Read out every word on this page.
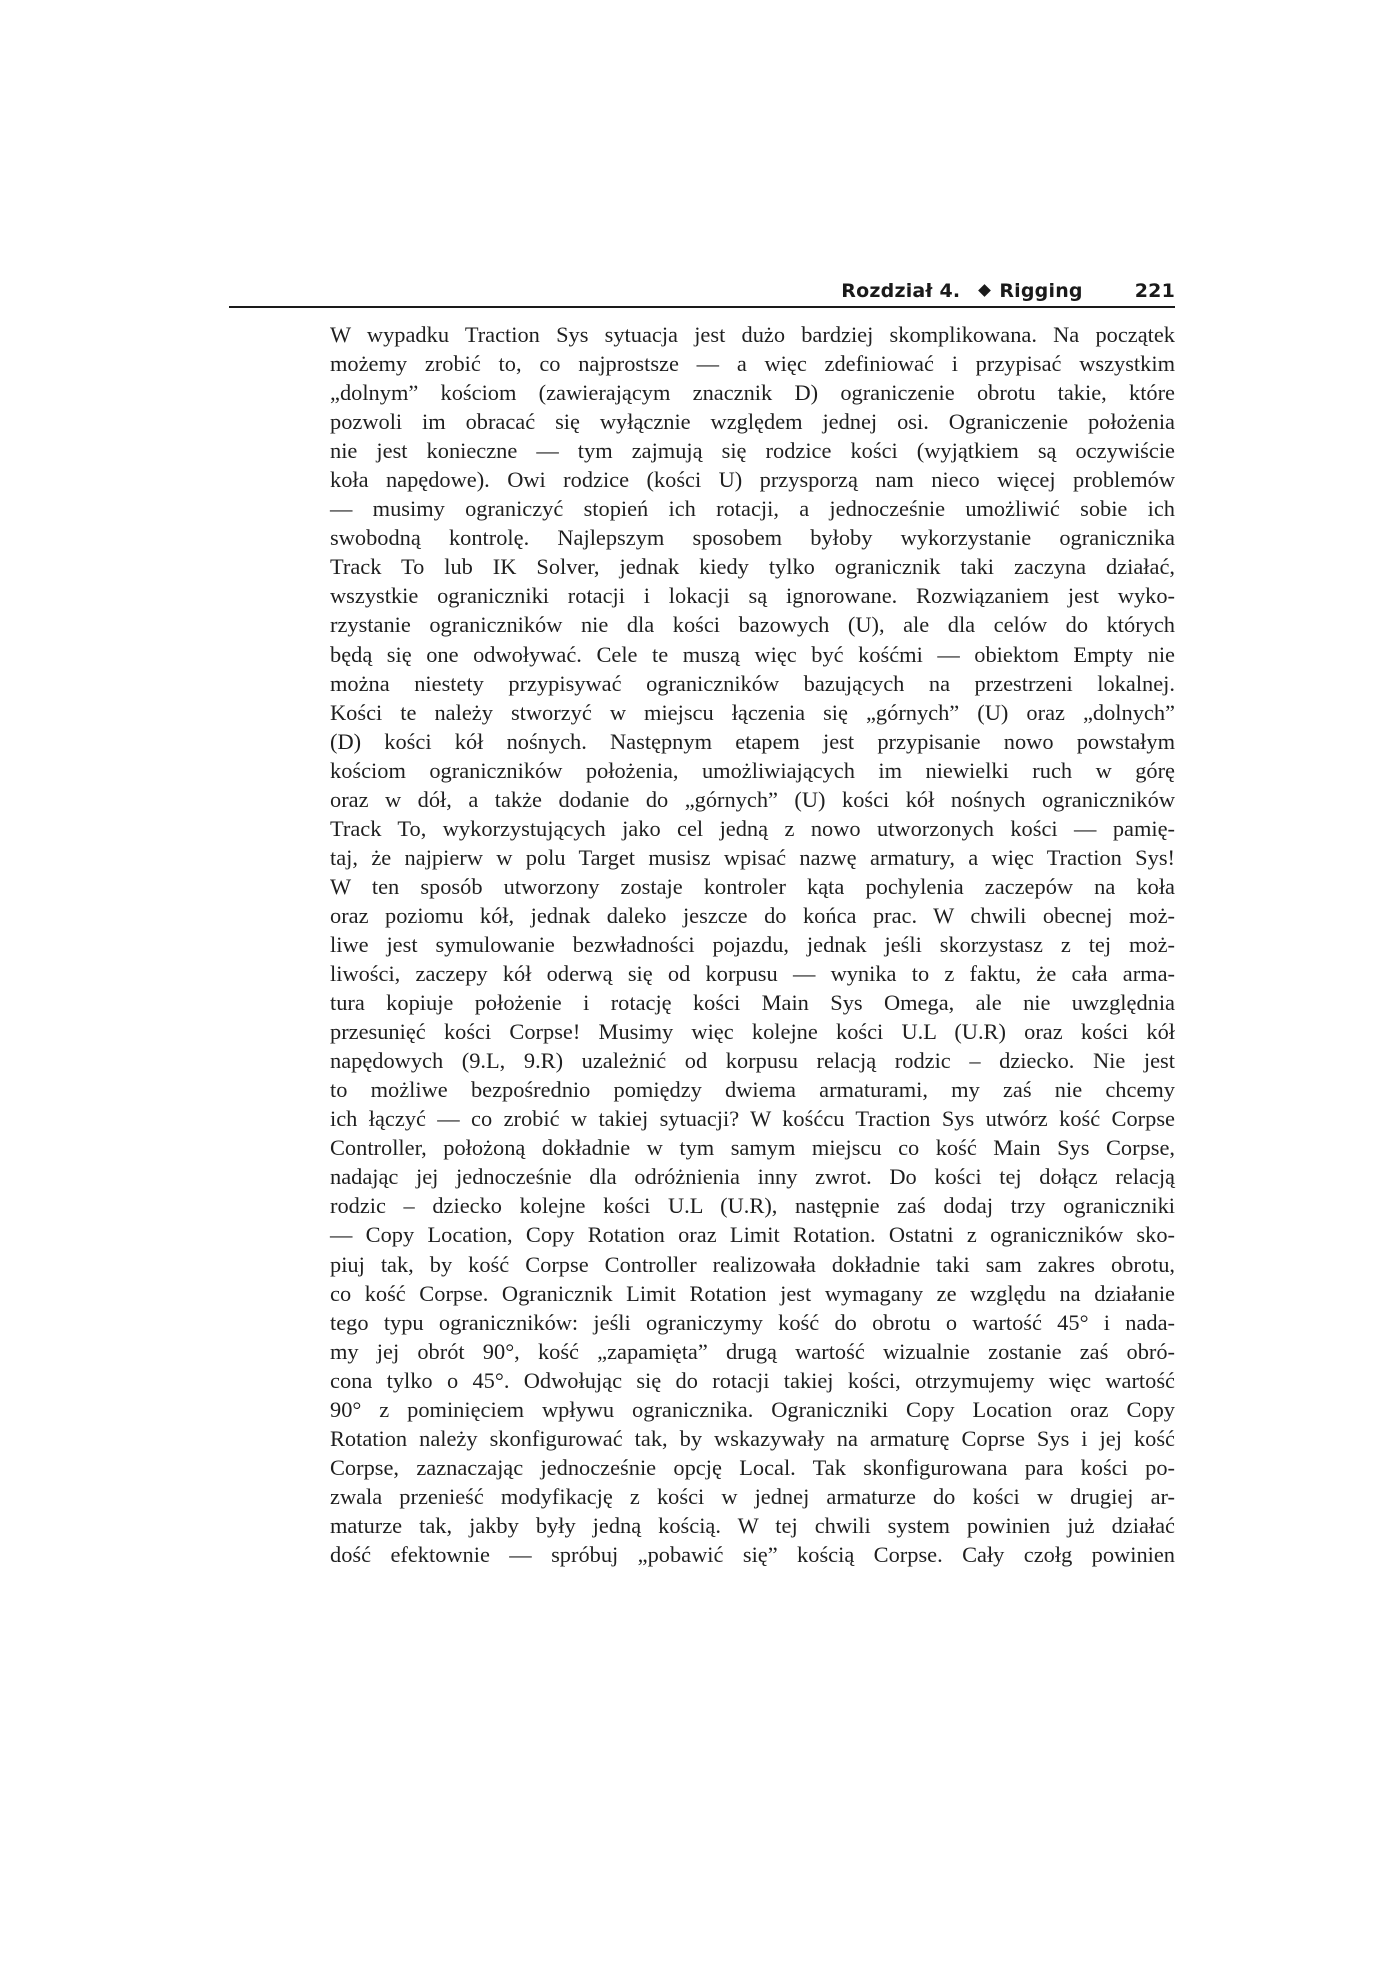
Rozdział 4. Rigging	221
W wypadku Traction Sys sytuacja jest dużo bardziej skomplikowana. Na początek
możemy zrobić to, co najprostsze — a więc zdefiniować i przypisać wszystkim
„dolnym” kościom (zawierającym znacznik D) ograniczenie obrotu takie, które
pozwoli im obracać się wyłącznie względem jednej osi. Ograniczenie położenia
nie jest konieczne — tym zajmują się rodzice kości (wyjątkiem są oczywiście
koła napędowe). Owi rodzice (kości U) przysporzą nam nieco więcej problemów
— musimy ograniczyć stopień ich rotacji, a jednocześnie umożliwić sobie ich
swobodną kontrolę. Najlepszym sposobem byłoby wykorzystanie ogranicznika
Track To lub IK Solver, jednak kiedy tylko ogranicznik taki zaczyna działać,
wszystkie ograniczniki rotacji i lokacji są ignorowane. Rozwiązaniem jest wyko-
rzystanie ograniczników nie dla kości bazowych (U), ale dla celów do których
będą się one odwoływać. Cele te muszą więc być kośćmi — obiektom Empty nie
można niestety przypisywać ograniczników bazujących na przestrzeni lokalnej.
Kości te należy stworzyć w miejscu łączenia się „górnych” (U) oraz „dolnych”
(D) kości kół nośnych. Następnym etapem jest przypisanie nowo powstałym
kościom ograniczników położenia, umożliwiających im niewielki ruch w górę
oraz w dół, a także dodanie do „górnych” (U) kości kół nośnych ograniczników
Track To, wykorzystujących jako cel jedną z nowo utworzonych kości — pamię-
taj, że najpierw w polu Target musisz wpisać nazwę armatury, a więc Traction Sys!
W ten sposób utworzony zostaje kontroler kąta pochylenia zaczepów na koła
oraz poziomu kół, jednak daleko jeszcze do końca prac. W chwili obecnej moż-
liwe jest symulowanie bezwładności pojazdu, jednak jeśli skorzystasz z tej moż-
liwości, zaczepy kół oderwą się od korpusu — wynika to z faktu, że cała arma-
tura kopiuje położenie i rotację kości Main Sys Omega, ale nie uwzględnia
przesunięć kości Corpse! Musimy więc kolejne kości U.L (U.R) oraz kości kół
napędowych (9.L, 9.R) uzależnić od korpusu relacją rodzic – dziecko. Nie jest
to możliwe bezpośrednio pomiędzy dwiema armaturami, my zaś nie chcemy
ich łączyć — co zrobić w takiej sytuacji? W kośćcu Traction Sys utwórz kość Corpse
Controller, położoną dokładnie w tym samym miejscu co kość Main Sys Corpse,
nadając jej jednocześnie dla odróżnienia inny zwrot. Do kości tej dołącz relacją
rodzic – dziecko kolejne kości U.L (U.R), następnie zaś dodaj trzy ograniczniki
— Copy Location, Copy Rotation oraz Limit Rotation. Ostatni z ograniczników sko-
piuj tak, by kość Corpse Controller realizowała dokładnie taki sam zakres obrotu,
co kość Corpse. Ogranicznik Limit Rotation jest wymagany ze względu na działanie
tego typu ograniczników: jeśli ograniczymy kość do obrotu o wartość 45° i nada-
my jej obrót 90°, kość „zapamięta” drugą wartość wizualnie zostanie zaś obró-
cona tylko o 45°. Odwołując się do rotacji takiej kości, otrzymujemy więc wartość
90° z pominięciem wpływu ogranicznika. Ograniczniki Copy Location oraz Copy
Rotation należy skonfigurować tak, by wskazywały na armaturę Coprse Sys i jej kość
Corpse, zaznaczając jednocześnie opcję Local. Tak skonfigurowana para kości po-
zwala przenieść modyfikację z kości w jednej armaturze do kości w drugiej ar-
maturze tak, jakby były jedną kością. W tej chwili system powinien już działać
dość efektownie — spróbuj „pobawić się” kością Corpse. Cały czołg powinien
